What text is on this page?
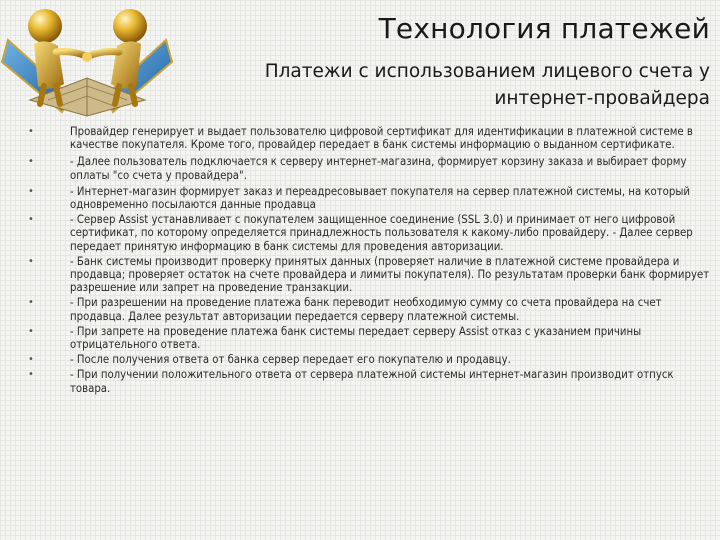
Технология платежей
Платежи с использованием лицевого счета у интернет-провайдера
•	Провайдер генерирует и выдает пользователю цифровой сертификат для идентификации в платежной системе в качестве покупателя. Кроме того, провайдер передает в банк системы информацию о выданном сертификате.
•	- Далее пользователь подключается к серверу интернет-магазина, формирует корзину заказа и выбирает форму оплаты "со счета у провайдера".
•	- Интернет-магазин формирует заказ и переадресовывает покупателя на сервер платежной системы, на который одновременно посылаются данные продавца
•	- Сервер Assist устанавливает с покупателем защищенное соединение (SSL 3.0) и принимает от него цифровой сертификат, по которому определяется принадлежность пользователя к какому-либо провайдеру. - Далее сервер передает принятую информацию в банк системы для проведения авторизации.
•	- Банк системы производит проверку принятых данных (проверяет наличие в платежной системе провайдера и продавца; проверяет остаток на счете провайдера и лимиты покупателя). По результатам проверки банк формирует разрешение или запрет на проведение транзакции.
•	- При разрешении на проведение платежа банк переводит необходимую сумму со счета провайдера на счет продавца. Далее результат авторизации передается серверу платежной системы.
•	- При запрете на проведение платежа банк системы передает серверу Assist отказ с указанием причины отрицательного ответа.
•	- После получения ответа от банка сервер передает его покупателю и продавцу.
•	- При получении положительного ответа от сервера платежной системы интернет-магазин производит отпуск товара.
